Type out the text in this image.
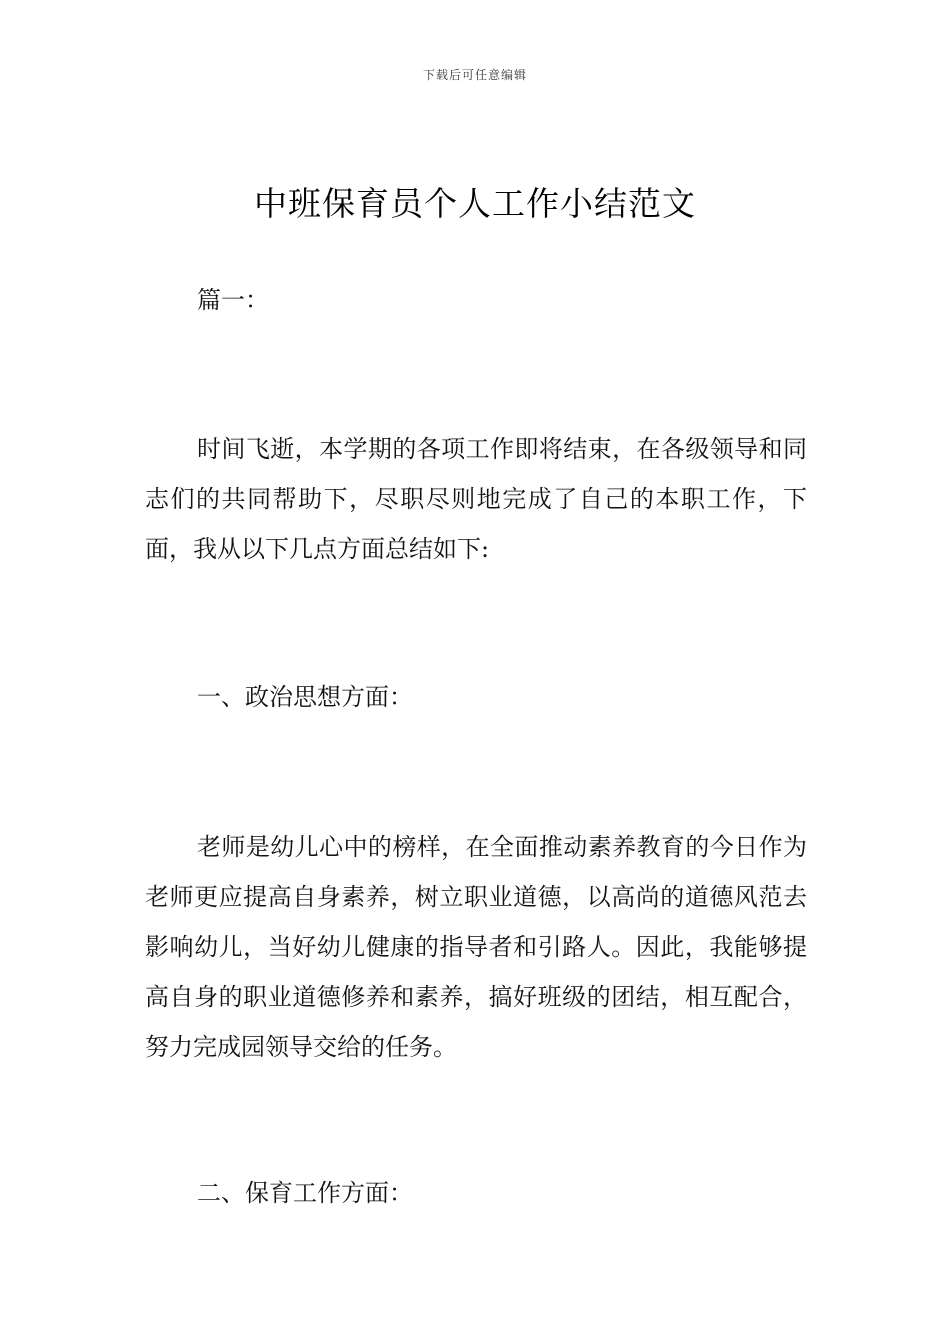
下载后可任意编辑
中班保育员个人工作小结范文

篇一：

时间飞逝，本学期的各项工作即将结束，在各级领导和同志们的共同帮助下，尽职尽则地完成了自己的本职工作，下面，我从以下几点方面总结如下:

一、政治思想方面：

老师是幼儿心中的榜样，在全面推动素养教育的今日作为老师更应提高自身素养，树立职业道德，以高尚的道德风范去影响幼儿，当好幼儿健康的指导者和引路人。因此，我能够提高自身的职业道德修养和素养，搞好班级的团结，相互配合，努力完成园领导交给的任务。

二、保育工作方面：
